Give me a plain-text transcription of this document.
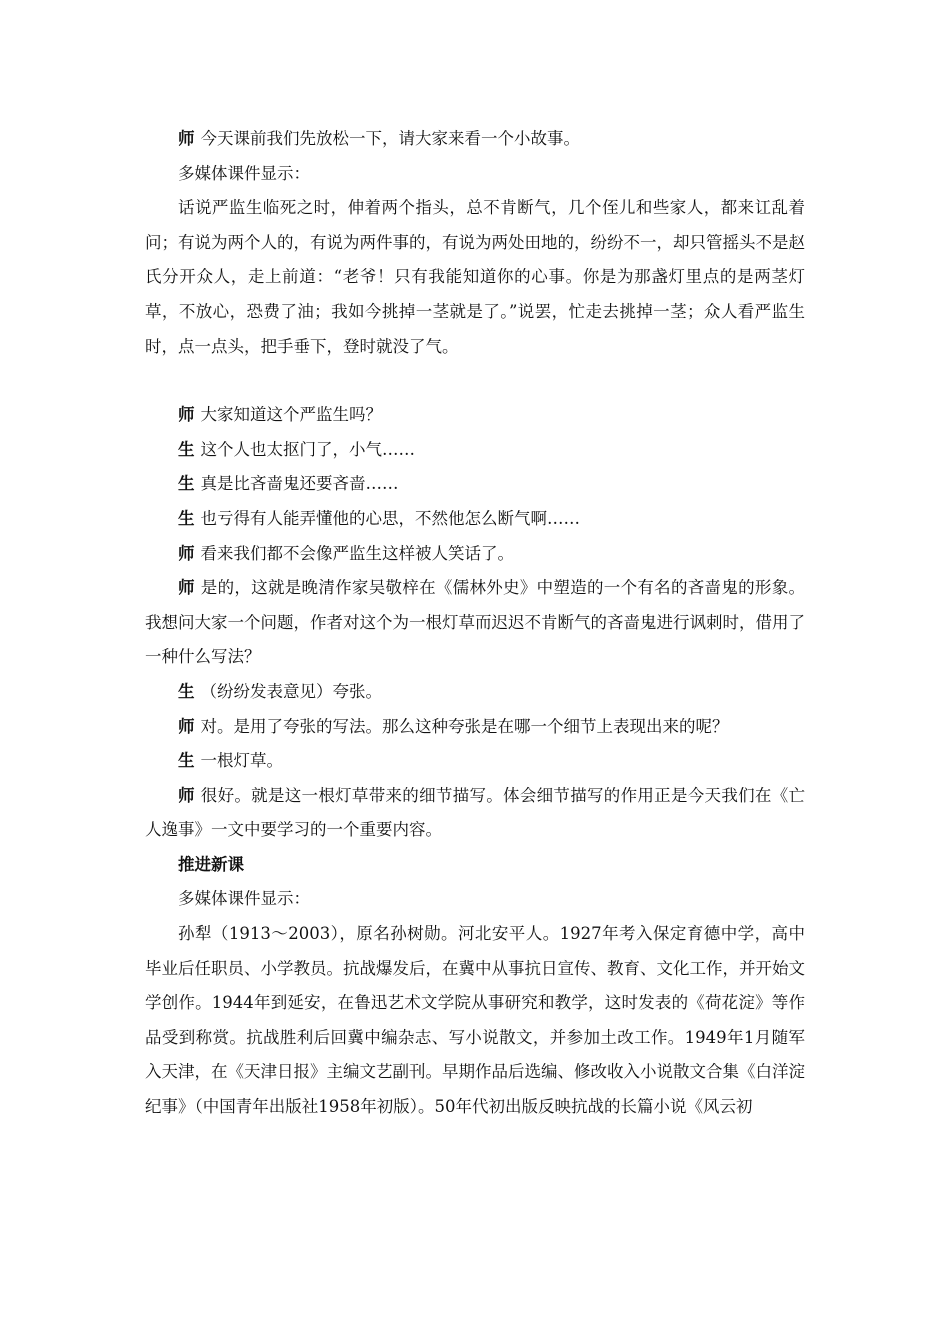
师 今天课前我们先放松一下，请大家来看一个小故事。

多媒体课件显示：

话说严监生临死之时，伸着两个指头，总不肯断气，几个侄儿和些家人，都来讧乱着问；有说为两个人的，有说为两件事的，有说为两处田地的，纷纷不一，却只管摇头不是赵氏分开众人，走上前道：“老爷！只有我能知道你的心事。你是为那盏灯里点的是两茎灯草，不放心，恐费了油；我如今挑掉一茎就是了。”说罢，忙走去挑掉一茎；众人看严监生时，点一点头，把手垂下，登时就没了气。

师 大家知道这个严监生吗？

生 这个人也太抠门了，小气……

生 真是比吝啬鬼还要吝啬……

生 也亏得有人能弄懂他的心思，不然他怎么断气啊……

师 看来我们都不会像严监生这样被人笑话了。

师 是的，这就是晚清作家吴敬梓在《儒林外史》中塑造的一个有名的吝啬鬼的形象。我想问大家一个问题，作者对这个为一根灯草而迟迟不肯断气的吝啬鬼进行讽刺时，借用了一种什么写法？

生 （纷纷发表意见）夸张。

师 对。是用了夸张的写法。那么这种夸张是在哪一个细节上表现出来的呢？

生 一根灯草。

师 很好。就是这一根灯草带来的细节描写。体会细节描写的作用正是今天我们在《亡人逸事》一文中要学习的一个重要内容。

推进新课

多媒体课件显示：

孙犁（1913～2003），原名孙树勋。河北安平人。1927年考入保定育德中学，高中毕业后任职员、小学教员。抗战爆发后，在冀中从事抗日宣传、教育、文化工作，并开始文学创作。1944年到延安，在鲁迅艺术文学院从事研究和教学，这时发表的《荷花淀》等作品受到称赏。抗战胜利后回冀中编杂志、写小说散文，并参加土改工作。1949年1月随军入天津，在《天津日报》主编文艺副刊。早期作品后选编、修改收入小说散文合集《白洋淀纪事》（中国青年出版社1958年初版）。50年代初出版反映抗战的长篇小说《风云初
